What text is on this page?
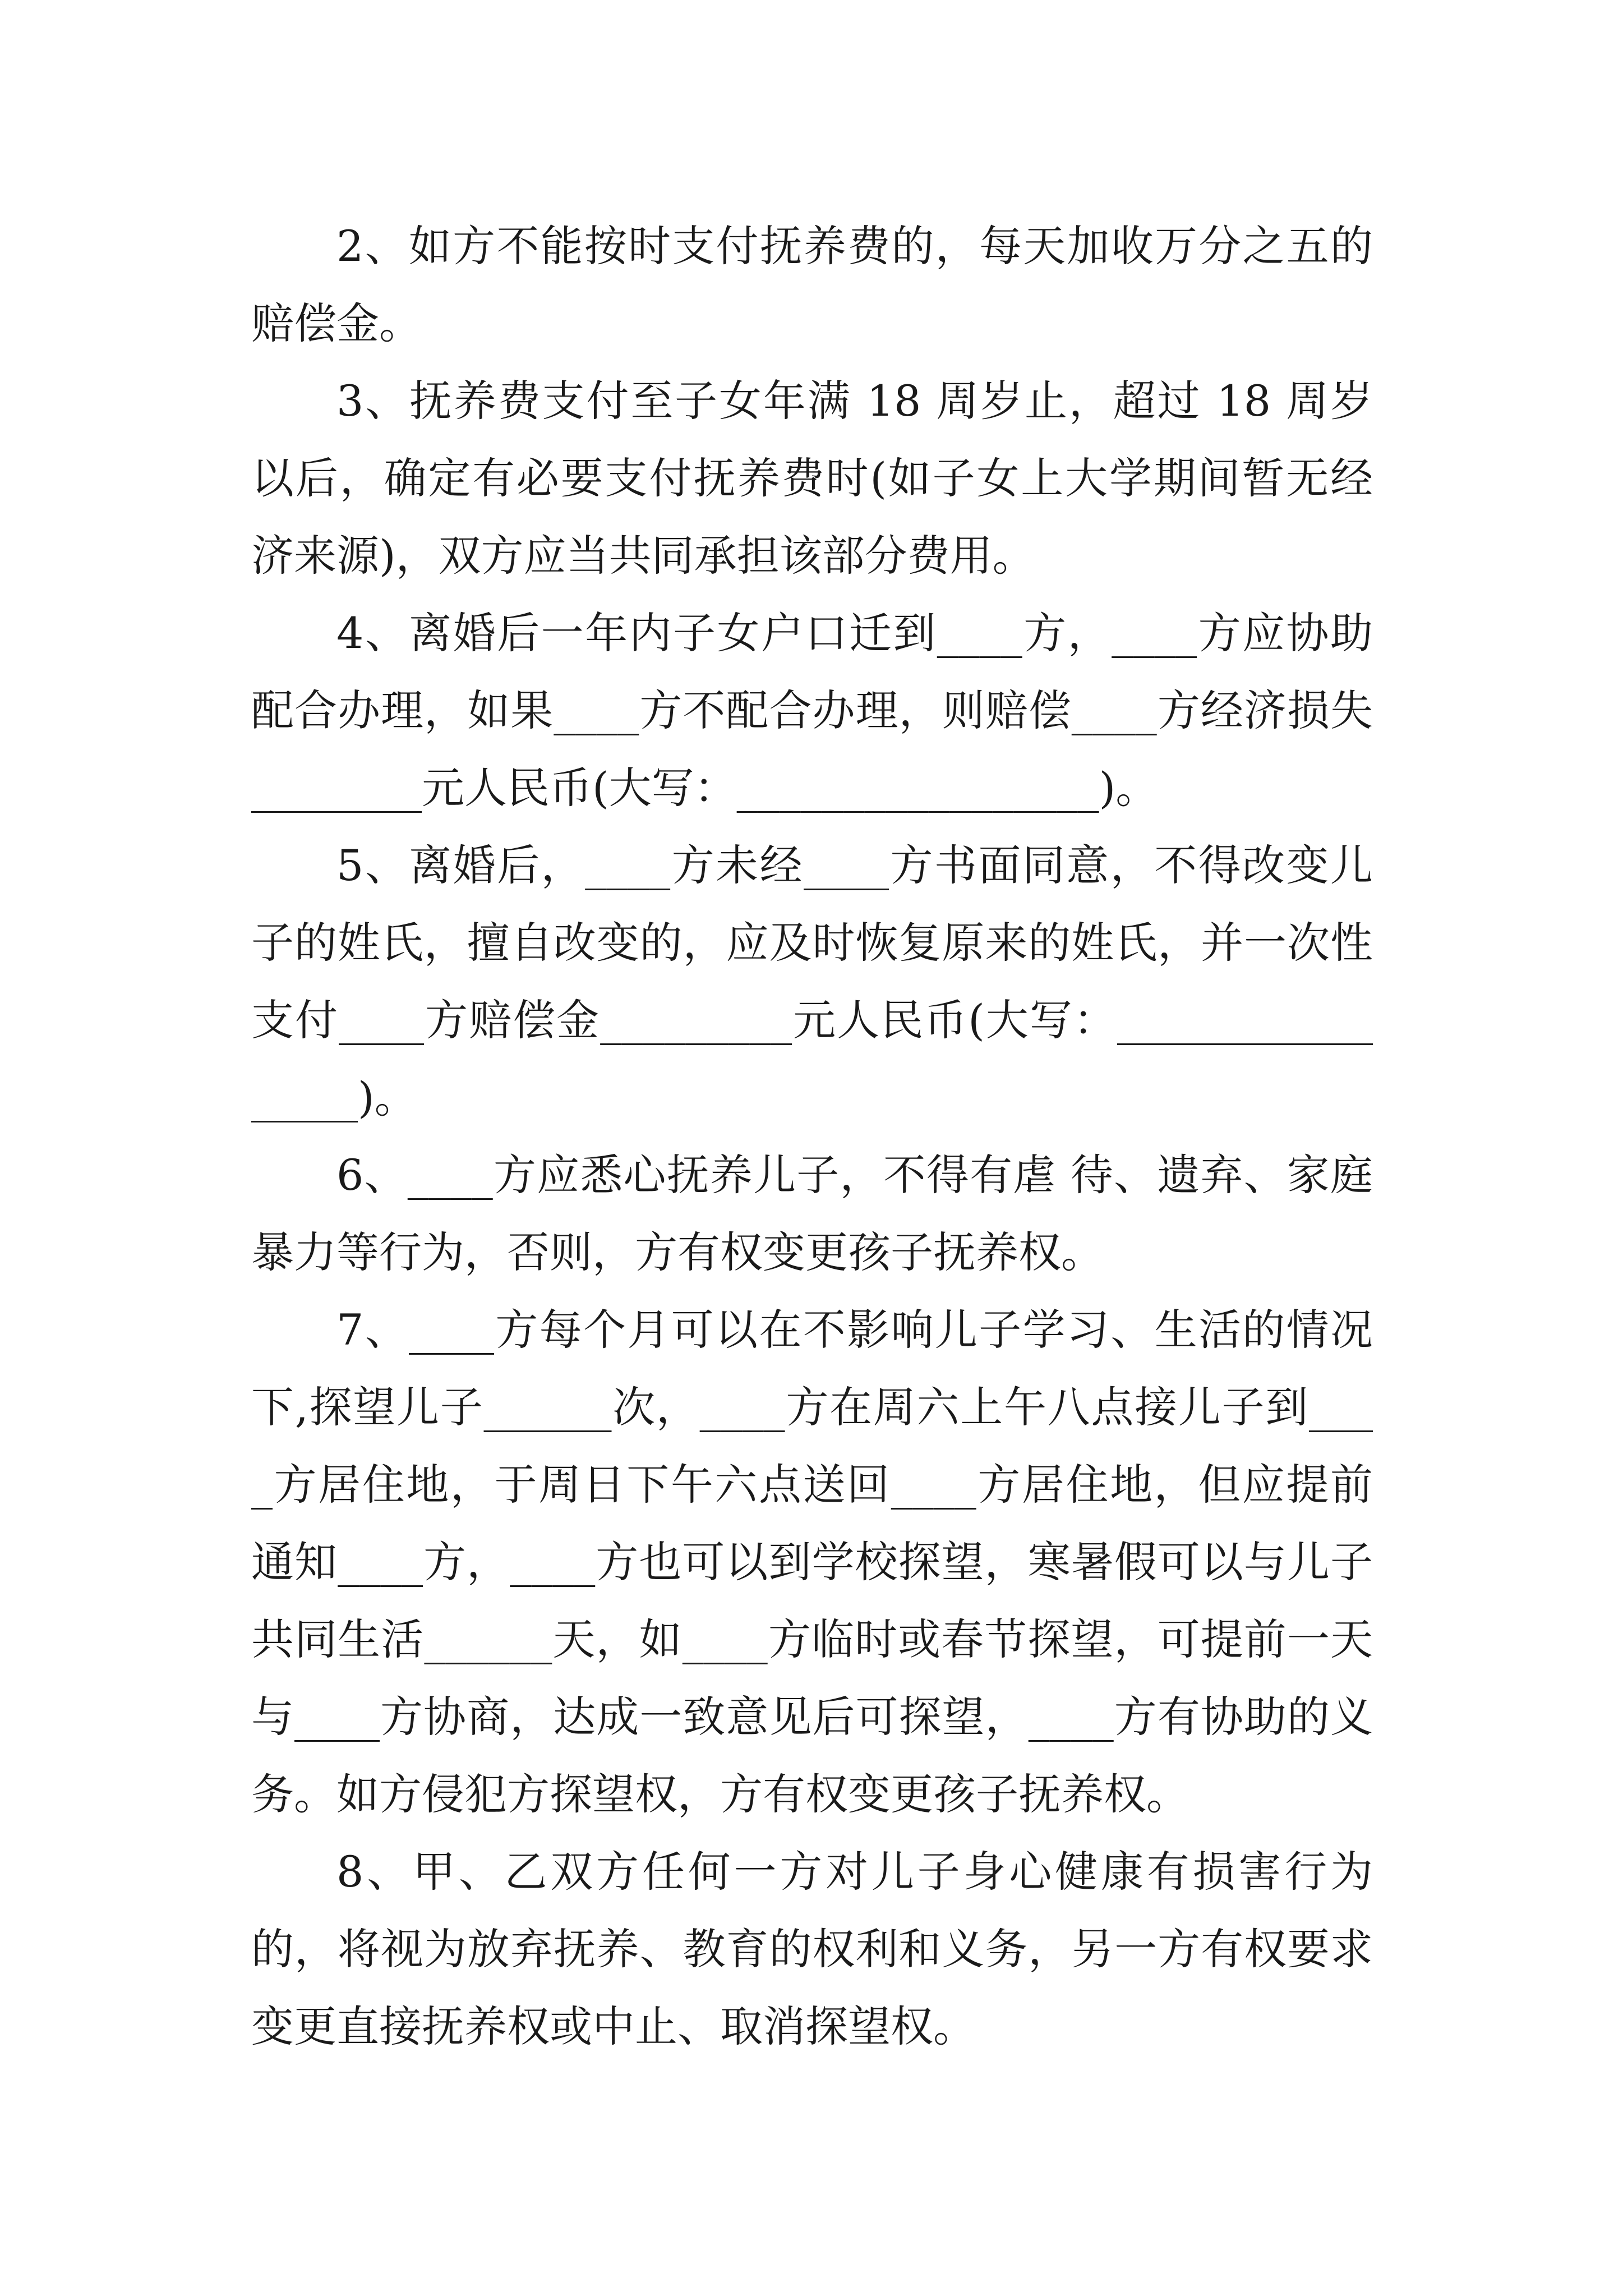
2、如方不能按时支付抚养费的，每天加收万分之五的赔偿金。

3、抚养费支付至子女年满 18 周岁止，超过 18 周岁以后，确定有必要支付抚养费时(如子女上大学期间暂无经济来源)，双方应当共同承担该部分费用。

4、离婚后一年内子女户口迁到____方，____方应协助配合办理，如果____方不配合办理，则赔偿____方经济损失________元人民币(大写：_________________)。

5、离婚后，____方未经____方书面同意，不得改变儿子的姓氏，擅自改变的，应及时恢复原来的姓氏，并一次性支付____方赔偿金_________元人民币(大写：_________________)。

6、____方应悉心抚养儿子，不得有虐 待、遗弃、家庭暴力等行为，否则，方有权变更孩子抚养权。

7、____方每个月可以在不影响儿子学习、生活的情况下,探望儿子______次，____方在周六上午八点接儿子到____方居住地，于周日下午六点送回____方居住地，但应提前通知____方，____方也可以到学校探望，寒暑假可以与儿子共同生活______天，如____方临时或春节探望，可提前一天与____方协商，达成一致意见后可探望，____方有协助的义务。如方侵犯方探望权，方有权变更孩子抚养权。

8、甲、乙双方任何一方对儿子身心健康有损害行为的，将视为放弃抚养、教育的权利和义务，另一方有权要求变更直接抚养权或中止、取消探望权。
